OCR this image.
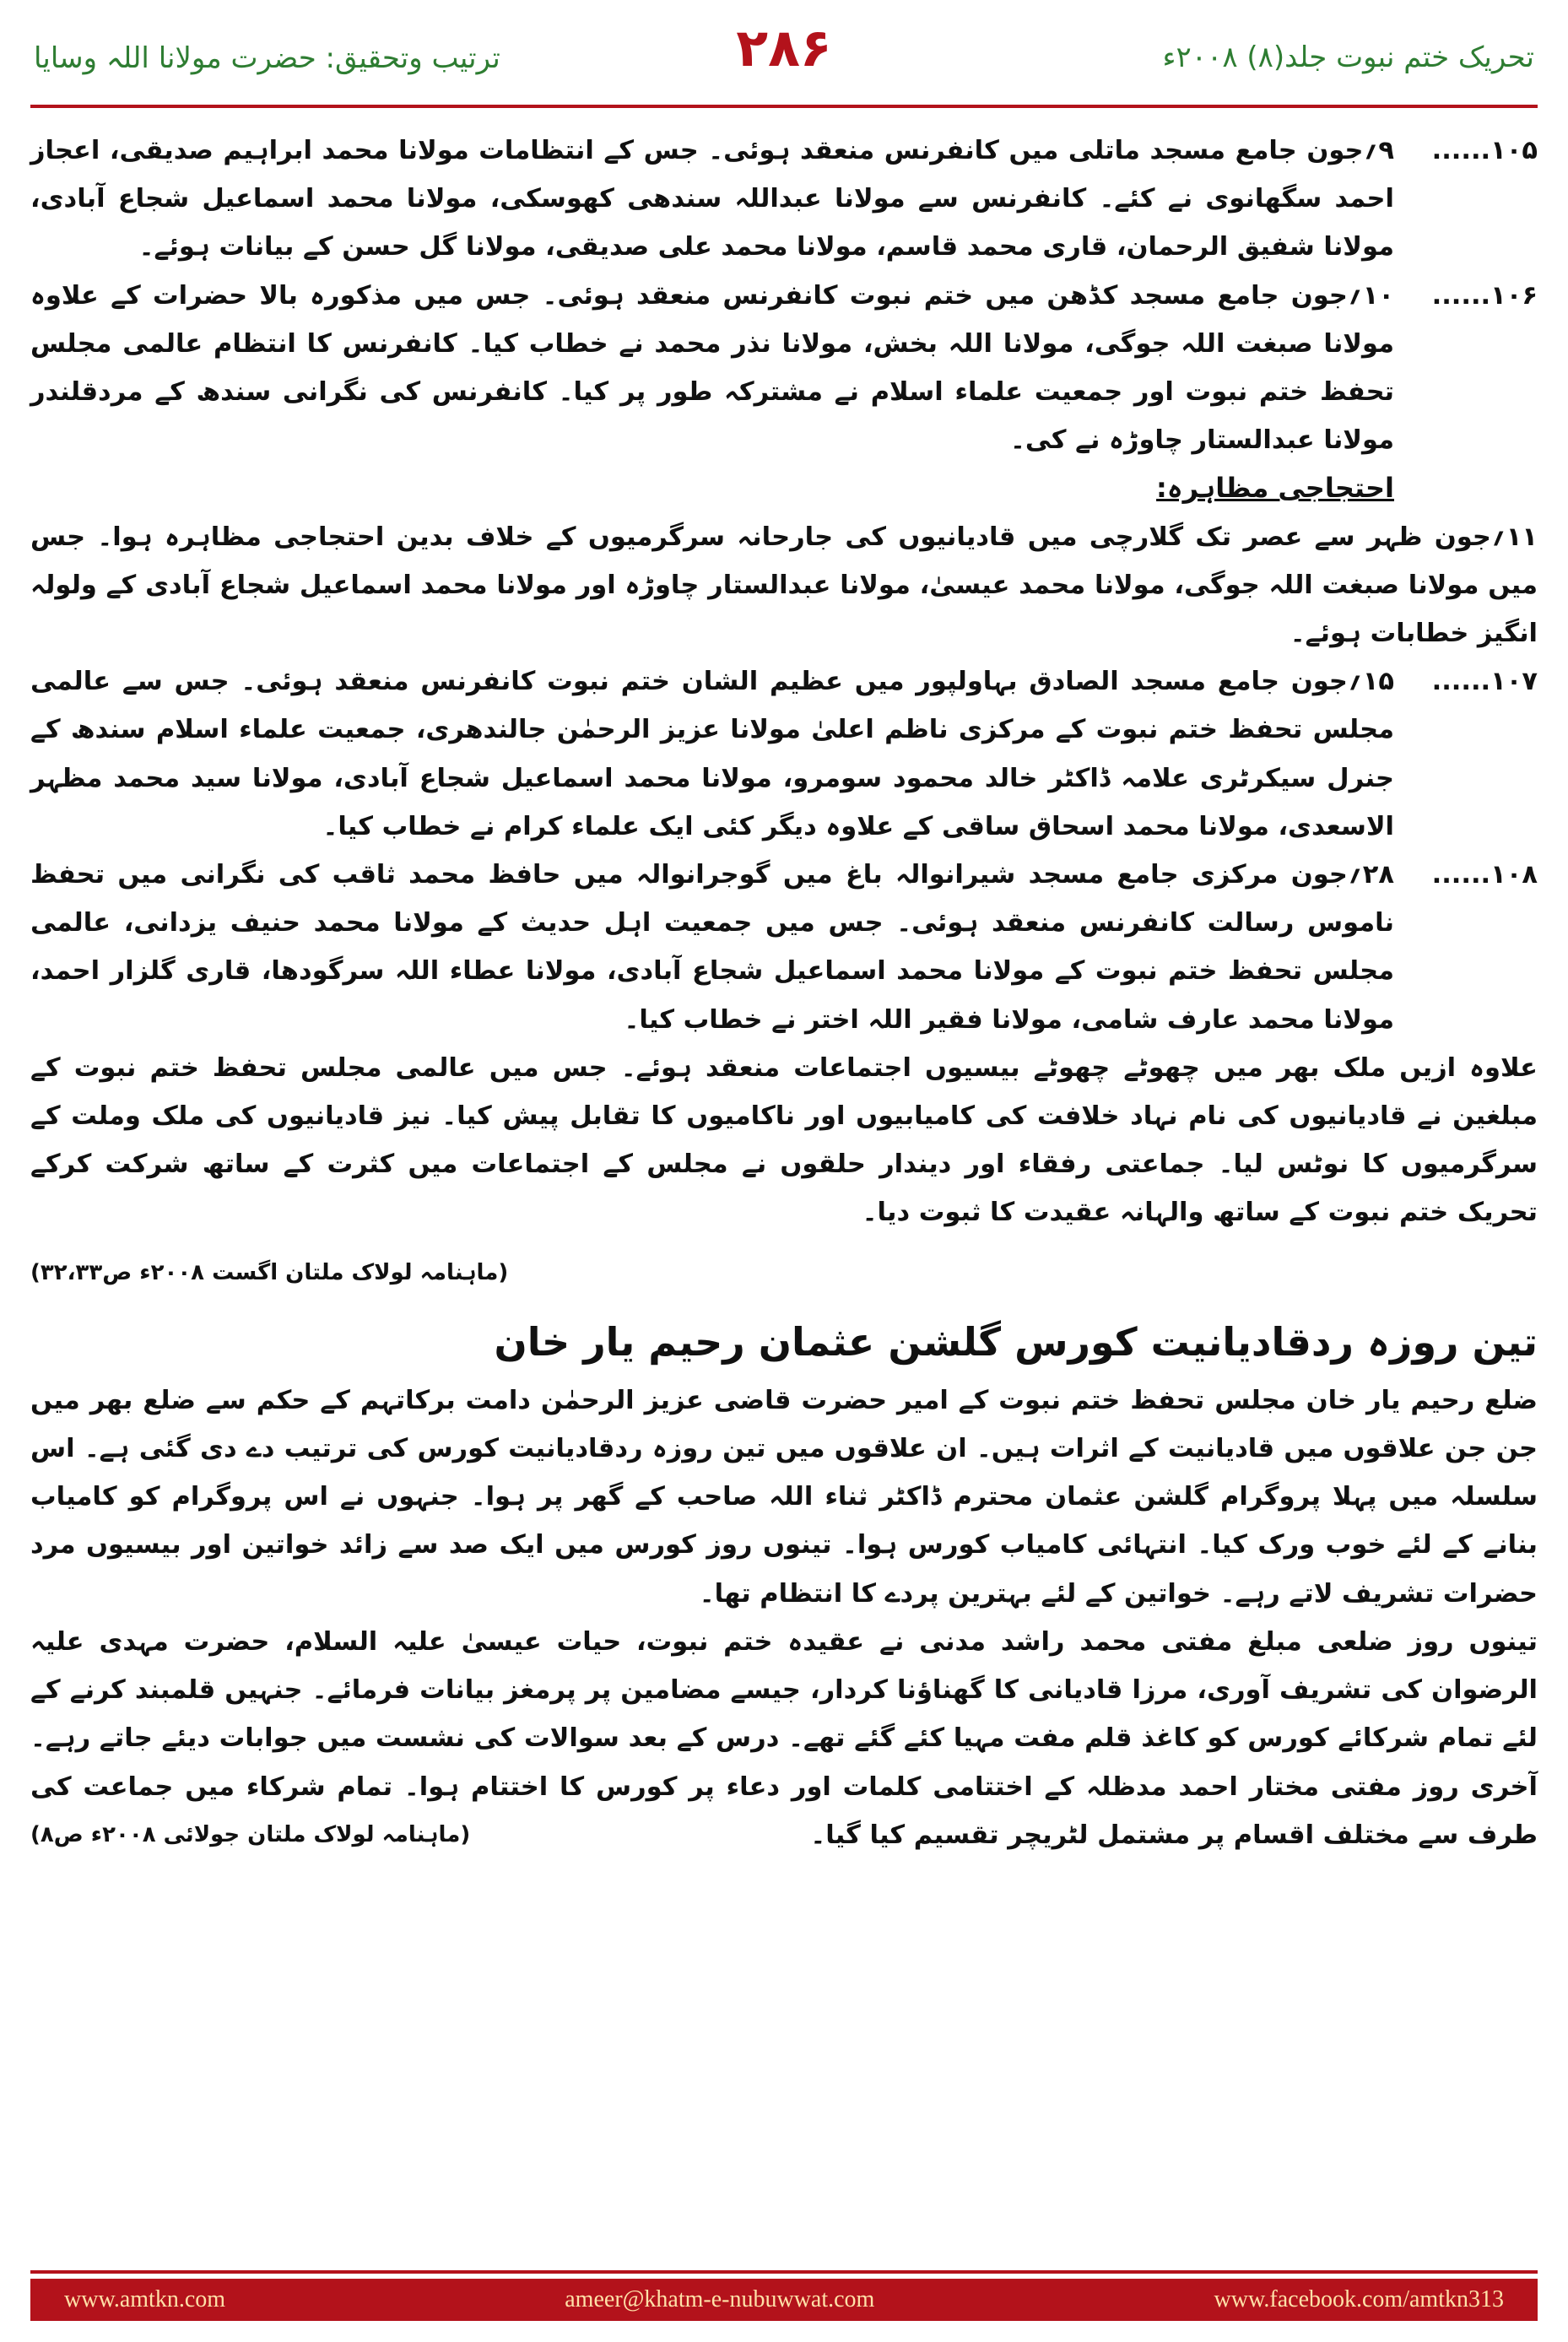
ترتیب وتحقیق: حضرت مولانا اللہ وسایا	۲۸۶	تحریک ختم نبوت جلد(۸) ۲۰۰۸ء
۱۰۵......
۹؍جون جامع مسجد ماتلی میں کانفرنس منعقد ہوئی۔ جس کے انتظامات مولانا محمد ابراہیم صدیقی، اعجاز احمد سگھانوی نے کئے۔ کانفرنس سے مولانا عبداللہ سندھی کھوسکی، مولانا محمد اسماعیل شجاع آبادی، مولانا شفیق الرحمان، قاری محمد قاسم، مولانا محمد علی صدیقی، مولانا گل حسن کے بیانات ہوئے۔
۱۰۶......
۱۰؍جون جامع مسجد کڈھن میں ختم نبوت کانفرنس منعقد ہوئی۔ جس میں مذکورہ بالا حضرات کے علاوہ مولانا صبغت اللہ جوگی، مولانا اللہ بخش، مولانا نذر محمد نے خطاب کیا۔ کانفرنس کا انتظام عالمی مجلس تحفظ ختم نبوت اور جمعیت علماء اسلام نے مشترکہ طور پر کیا۔ کانفرنس کی نگرانی سندھ کے مردقلندر مولانا عبدالستار چاوڑہ نے کی۔
احتجاجی مظاہرہ:

۱۱؍جون ظہر سے عصر تک گلارچی میں قادیانیوں کی جارحانہ سرگرمیوں کے خلاف بدین احتجاجی مظاہرہ ہوا۔ جس میں مولانا صبغت اللہ جوگی، مولانا محمد عیسیٰ، مولانا عبدالستار چاوڑہ اور مولانا محمد اسماعیل شجاع آبادی کے ولولہ انگیز خطابات ہوئے۔

۱۰۷......
۱۵؍جون جامع مسجد الصادق بہاولپور میں عظیم الشان ختم نبوت کانفرنس منعقد ہوئی۔ جس سے عالمی مجلس تحفظ ختم نبوت کے مرکزی ناظم اعلیٰ مولانا عزیز الرحمٰن جالندھری، جمعیت علماء اسلام سندھ کے جنرل سیکرٹری علامہ ڈاکٹر خالد محمود سومرو، مولانا محمد اسماعیل شجاع آبادی، مولانا سید محمد مظہر الاسعدی، مولانا محمد اسحاق ساقی کے علاوہ دیگر کئی ایک علماء کرام نے خطاب کیا۔
۱۰۸......
۲۸؍جون مرکزی جامع مسجد شیرانوالہ باغ میں گوجرانوالہ میں حافظ محمد ثاقب کی نگرانی میں تحفظ ناموس رسالت کانفرنس منعقد ہوئی۔ جس میں جمعیت اہل حدیث کے مولانا محمد حنیف یزدانی، عالمی مجلس تحفظ ختم نبوت کے مولانا محمد اسماعیل شجاع آبادی، مولانا عطاء اللہ سرگودھا، قاری گلزار احمد، مولانا محمد عارف شامی، مولانا فقیر اللہ اختر نے خطاب کیا۔

علاوہ ازیں ملک بھر میں چھوٹے چھوٹے بیسیوں اجتماعات منعقد ہوئے۔ جس میں عالمی مجلس تحفظ ختم نبوت کے مبلغین نے قادیانیوں کی نام نہاد خلافت کی کامیابیوں اور ناکامیوں کا تقابل پیش کیا۔ نیز قادیانیوں کی ملک وملت کے سرگرمیوں کا نوٹس لیا۔ جماعتی رفقاء اور دیندار حلقوں نے مجلس کے اجتماعات میں کثرت کے ساتھ شرکت کرکے تحریک ختم نبوت کے ساتھ والہانہ عقیدت کا ثبوت دیا۔

(ماہنامہ لولاک ملتان اگست ۲۰۰۸ء ص۳۲،۳۳)
تین روزہ ردقادیانیت کورس گلشن عثمان رحیم یار خان

ضلع رحیم یار خان مجلس تحفظ ختم نبوت کے امیر حضرت قاضی عزیز الرحمٰن دامت برکاتہم کے حکم سے ضلع بھر میں جن جن علاقوں میں قادیانیت کے اثرات ہیں۔ ان علاقوں میں تین روزہ ردقادیانیت کورس کی ترتیب دے دی گئی ہے۔ اس سلسلہ میں پہلا پروگرام گلشن عثمان محترم ڈاکٹر ثناء اللہ صاحب کے گھر پر ہوا۔ جنہوں نے اس پروگرام کو کامیاب بنانے کے لئے خوب ورک کیا۔ انتہائی کامیاب کورس ہوا۔ تینوں روز کورس میں ایک صد سے زائد خواتین اور بیسیوں مرد حضرات تشریف لاتے رہے۔ خواتین کے لئے بہترین پردے کا انتظام تھا۔

تینوں روز ضلعی مبلغ مفتی محمد راشد مدنی نے عقیدہ ختم نبوت، حیات عیسیٰ علیہ السلام، حضرت مہدی علیہ الرضوان کی تشریف آوری، مرزا قادیانی کا گھناؤنا کردار، جیسے مضامین پر پرمغز بیانات فرمائے۔ جنہیں قلمبند کرنے کے لئے تمام شرکائے کورس کو کاغذ قلم مفت مہیا کئے گئے تھے۔ درس کے بعد سوالات کی نشست میں جوابات دیئے جاتے رہے۔ آخری روز مفتی مختار احمد مدظلہ کے اختتامی کلمات اور دعاء پر کورس کا اختتام ہوا۔ تمام شرکاء میں جماعت کی طرف سے مختلف اقسام پر مشتمل لٹریچر تقسیم کیا گیا۔
(ماہنامہ لولاک ملتان جولائی ۲۰۰۸ء ص۸)

www.amtkn.com	ameer@khatm-e-nubuwwat.com	www.facebook.com/amtkn313
